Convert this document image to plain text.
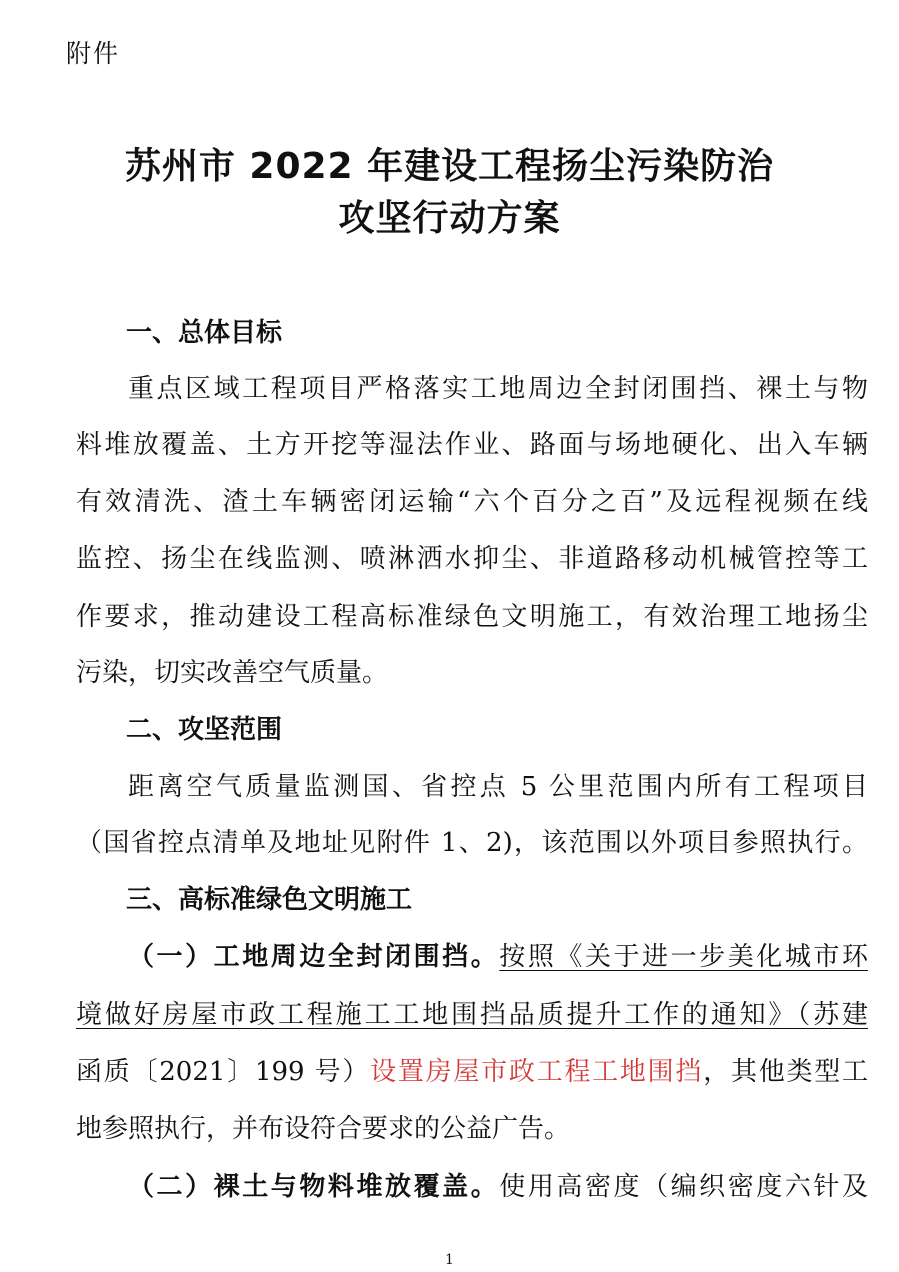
附件
苏州市 2022 年建设工程扬尘污染防治
攻坚行动方案
一、总体目标
重点区域工程项目严格落实工地周边全封闭围挡、裸土与物
料堆放覆盖、土方开挖等湿法作业、路面与场地硬化、出入车辆
有效清洗、渣土车辆密闭运输“六个百分之百”及远程视频在线
监控、扬尘在线监测、喷淋洒水抑尘、非道路移动机械管控等工
作要求，推动建设工程高标准绿色文明施工，有效治理工地扬尘
污染，切实改善空气质量。
二、攻坚范围
距离空气质量监测国、省控点 5 公里范围内所有工程项目
（国省控点清单及地址见附件 1、2)，该范围以外项目参照执行。
三、高标准绿色文明施工
（一）工地周边全封闭围挡。按照《关于进一步美化城市环
境做好房屋市政工程施工工地围挡品质提升工作的通知》（苏建
函质〔2021〕199 号）设置房屋市政工程工地围挡，其他类型工
地参照执行，并布设符合要求的公益广告。
（二）裸土与物料堆放覆盖。使用高密度（编织密度六针及
1
